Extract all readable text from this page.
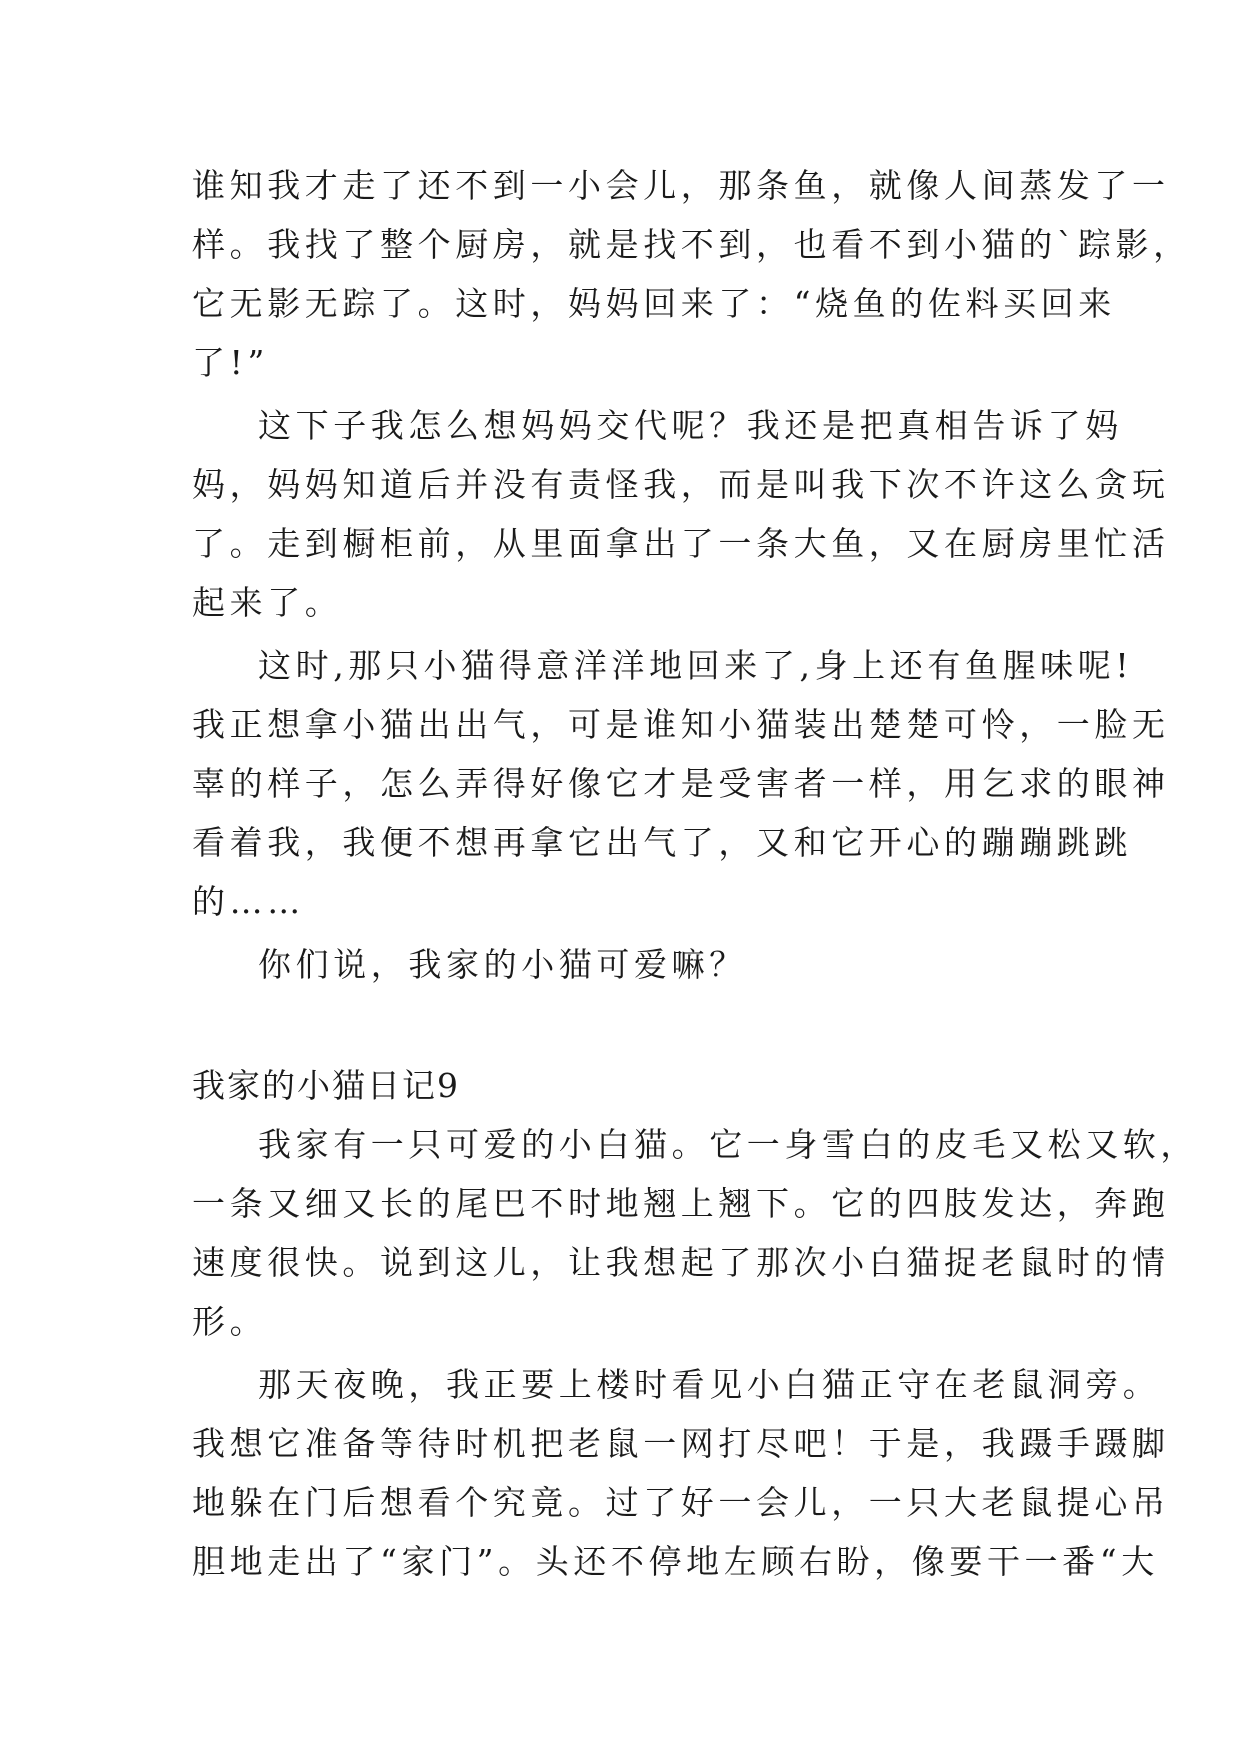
谁知我才走了还不到一小会儿，那条鱼，就像人间蒸发了一
样。我找了整个厨房，就是找不到，也看不到小猫的`踪影，
它无影无踪了。这时，妈妈回来了：“烧鱼的佐料买回来
了!”
这下子我怎么想妈妈交代呢？我还是把真相告诉了妈
妈，妈妈知道后并没有责怪我，而是叫我下次不许这么贪玩
了。走到橱柜前，从里面拿出了一条大鱼，又在厨房里忙活
起来了。
这时,那只小猫得意洋洋地回来了,身上还有鱼腥味呢!
我正想拿小猫出出气，可是谁知小猫装出楚楚可怜，一脸无
辜的样子，怎么弄得好像它才是受害者一样，用乞求的眼神
看着我，我便不想再拿它出气了，又和它开心的蹦蹦跳跳
的……
你们说，我家的小猫可爱嘛？
我家的小猫日记9
我家有一只可爱的小白猫。它一身雪白的皮毛又松又软，
一条又细又长的尾巴不时地翘上翘下。它的四肢发达，奔跑
速度很快。说到这儿，让我想起了那次小白猫捉老鼠时的情
形。
那天夜晚，我正要上楼时看见小白猫正守在老鼠洞旁。
我想它准备等待时机把老鼠一网打尽吧！于是，我蹑手蹑脚
地躲在门后想看个究竟。过了好一会儿，一只大老鼠提心吊
胆地走出了“家门”。头还不停地左顾右盼，像要干一番“大
